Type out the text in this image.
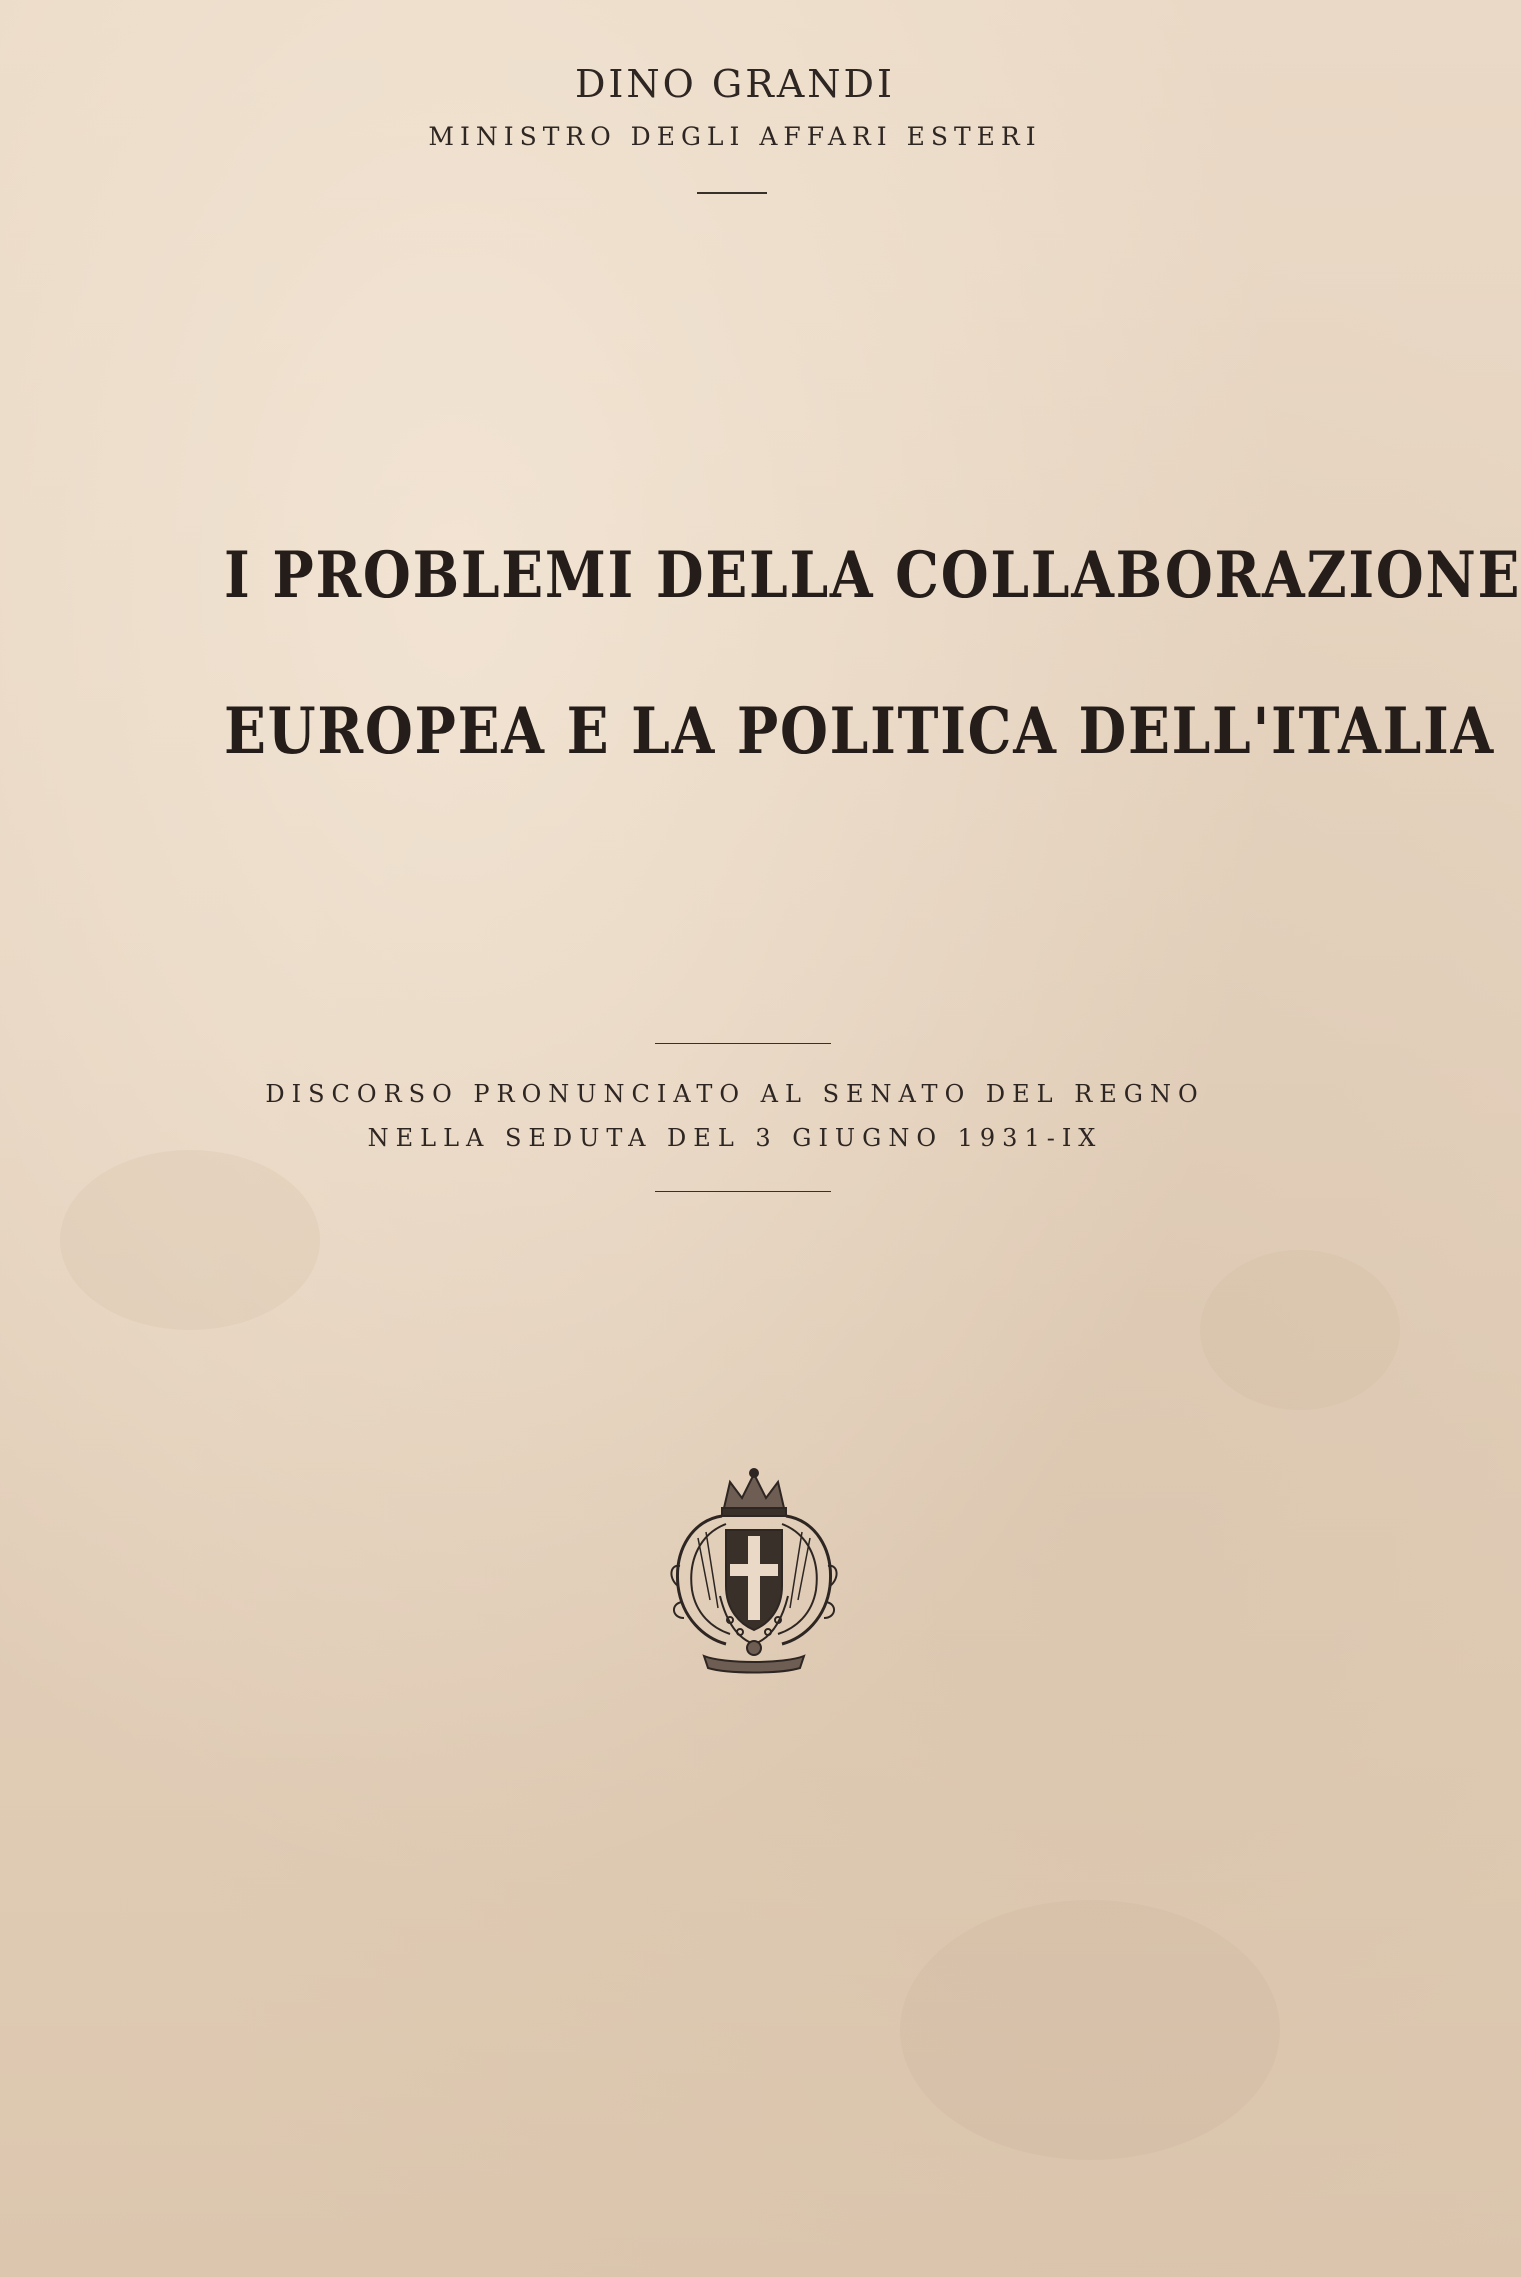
DINO GRANDI
MINISTRO DEGLI AFFARI ESTERI
I PROBLEMI DELLA COLLABORAZIONE
EUROPEA E LA POLITICA DELL'ITALIA
DISCORSO PRONUNCIATO AL SENATO DEL REGNO
NELLA SEDUTA DEL 3 GIUGNO 1931-IX
